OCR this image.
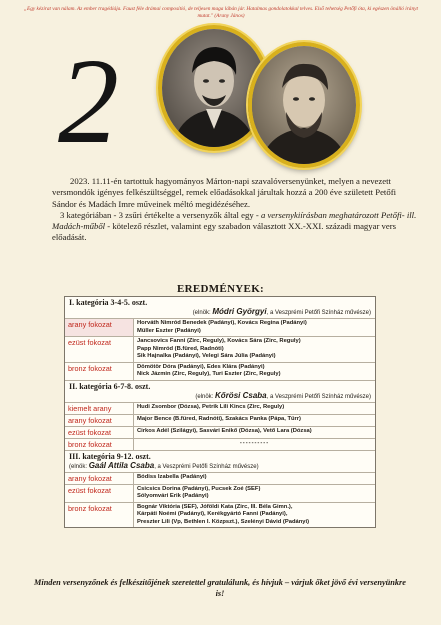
„Egy kézirat van nálam. Az ember tragédiája. Faust féle drámai composítió, de teljesen maga lábán jár. Hatalmas gondolatokkal telves. Első tehetség Petőfi óta, ki egészen önálló irányt mutat." (Arany János)
2

2023. 11.11-én tartottuk hagyományos Márton-napi szavalóversenyünket, melyen a nevezett versmondók igényes felkészültséggel, remek előadásokkal járultak hozzá a 200 éve született Petőfi Sándor és Madách Imre műveinek méltó megidézéséhez.

3 kategóriában - 3 zsűri értékelte a versenyzők által egy - a versenykiírásban meghatározott Petőfi- ill. Madách-műből - kötelező részlet, valamint egy szabadon választott XX.-XXI. századi magyar vers előadását.

EREDMÉNYEK:
I. kategória 3-4-5. oszt.
(elnök: Módri Györgyi, a Veszprémi Petőfi Színház művésze)
arany fokozat	Horváth Nimród Benedek (Padányi), Kovács Regina (Padányi)
Müller Eszter (Padányi)
ezüst fokozat	Jancsovics Fanni (Zirc, Reguly), Kovács Sára (Zirc, Reguly)
Papp Nimród (B.füred, Radnóti)
Sik Hajnalka (Padányi), Velegi Sára Júlia (Padányi)
bronz fokozat	Dömötör Dóra (Padányi), Édes Klára (Padányi)
Nick Jázmin (Zirc, Reguly), Turi Eszter (Zirc, Reguly)
II. kategória 6-7-8. oszt.
(elnök: Kőrösi Csaba, a Veszprémi Petőfi Színház művésze)
kiemelt arany	Hudi Zsombor (Dózsa), Petrik Lili Kincs (Zirc, Reguly)
arany fokozat	Major Bence (B.füred, Radnóti), Szakács Panka (Pápa, Türr)
ezüst fokozat	Cirkos Adél (Szilágyi), Sasvári Enikő (Dózsa), Vető Lara (Dózsa)
bronz fokozat	----------
III. kategória 9-12. oszt.
(elnök: Gaál Attila Csaba, a Veszprémi Petőfi Színház művésze)
arany fokozat	Bódiss Izabella (Padányi)
ezüst fokozat	Csicsics Dorina (Padányi), Pucsek Zoé (SÉF)
Sólyomvári Erik (Padányi)
bronz fokozat	Bognár Viktória (SÉF), Jóföldi Kata (Zirc, III. Béla Gimn.),
Kárpáti Noémi (Padányi), Kerékgyártó Fanni (Padányi),
Preszter Lili (Vp, Bethlen I. Közpszt.), Szelényi Dávid (Padányi)
Minden versenyzőnek és felkészítőjének szeretettel gratulálunk, és hívjuk – várjuk őket jövő évi versenyünkre is!
